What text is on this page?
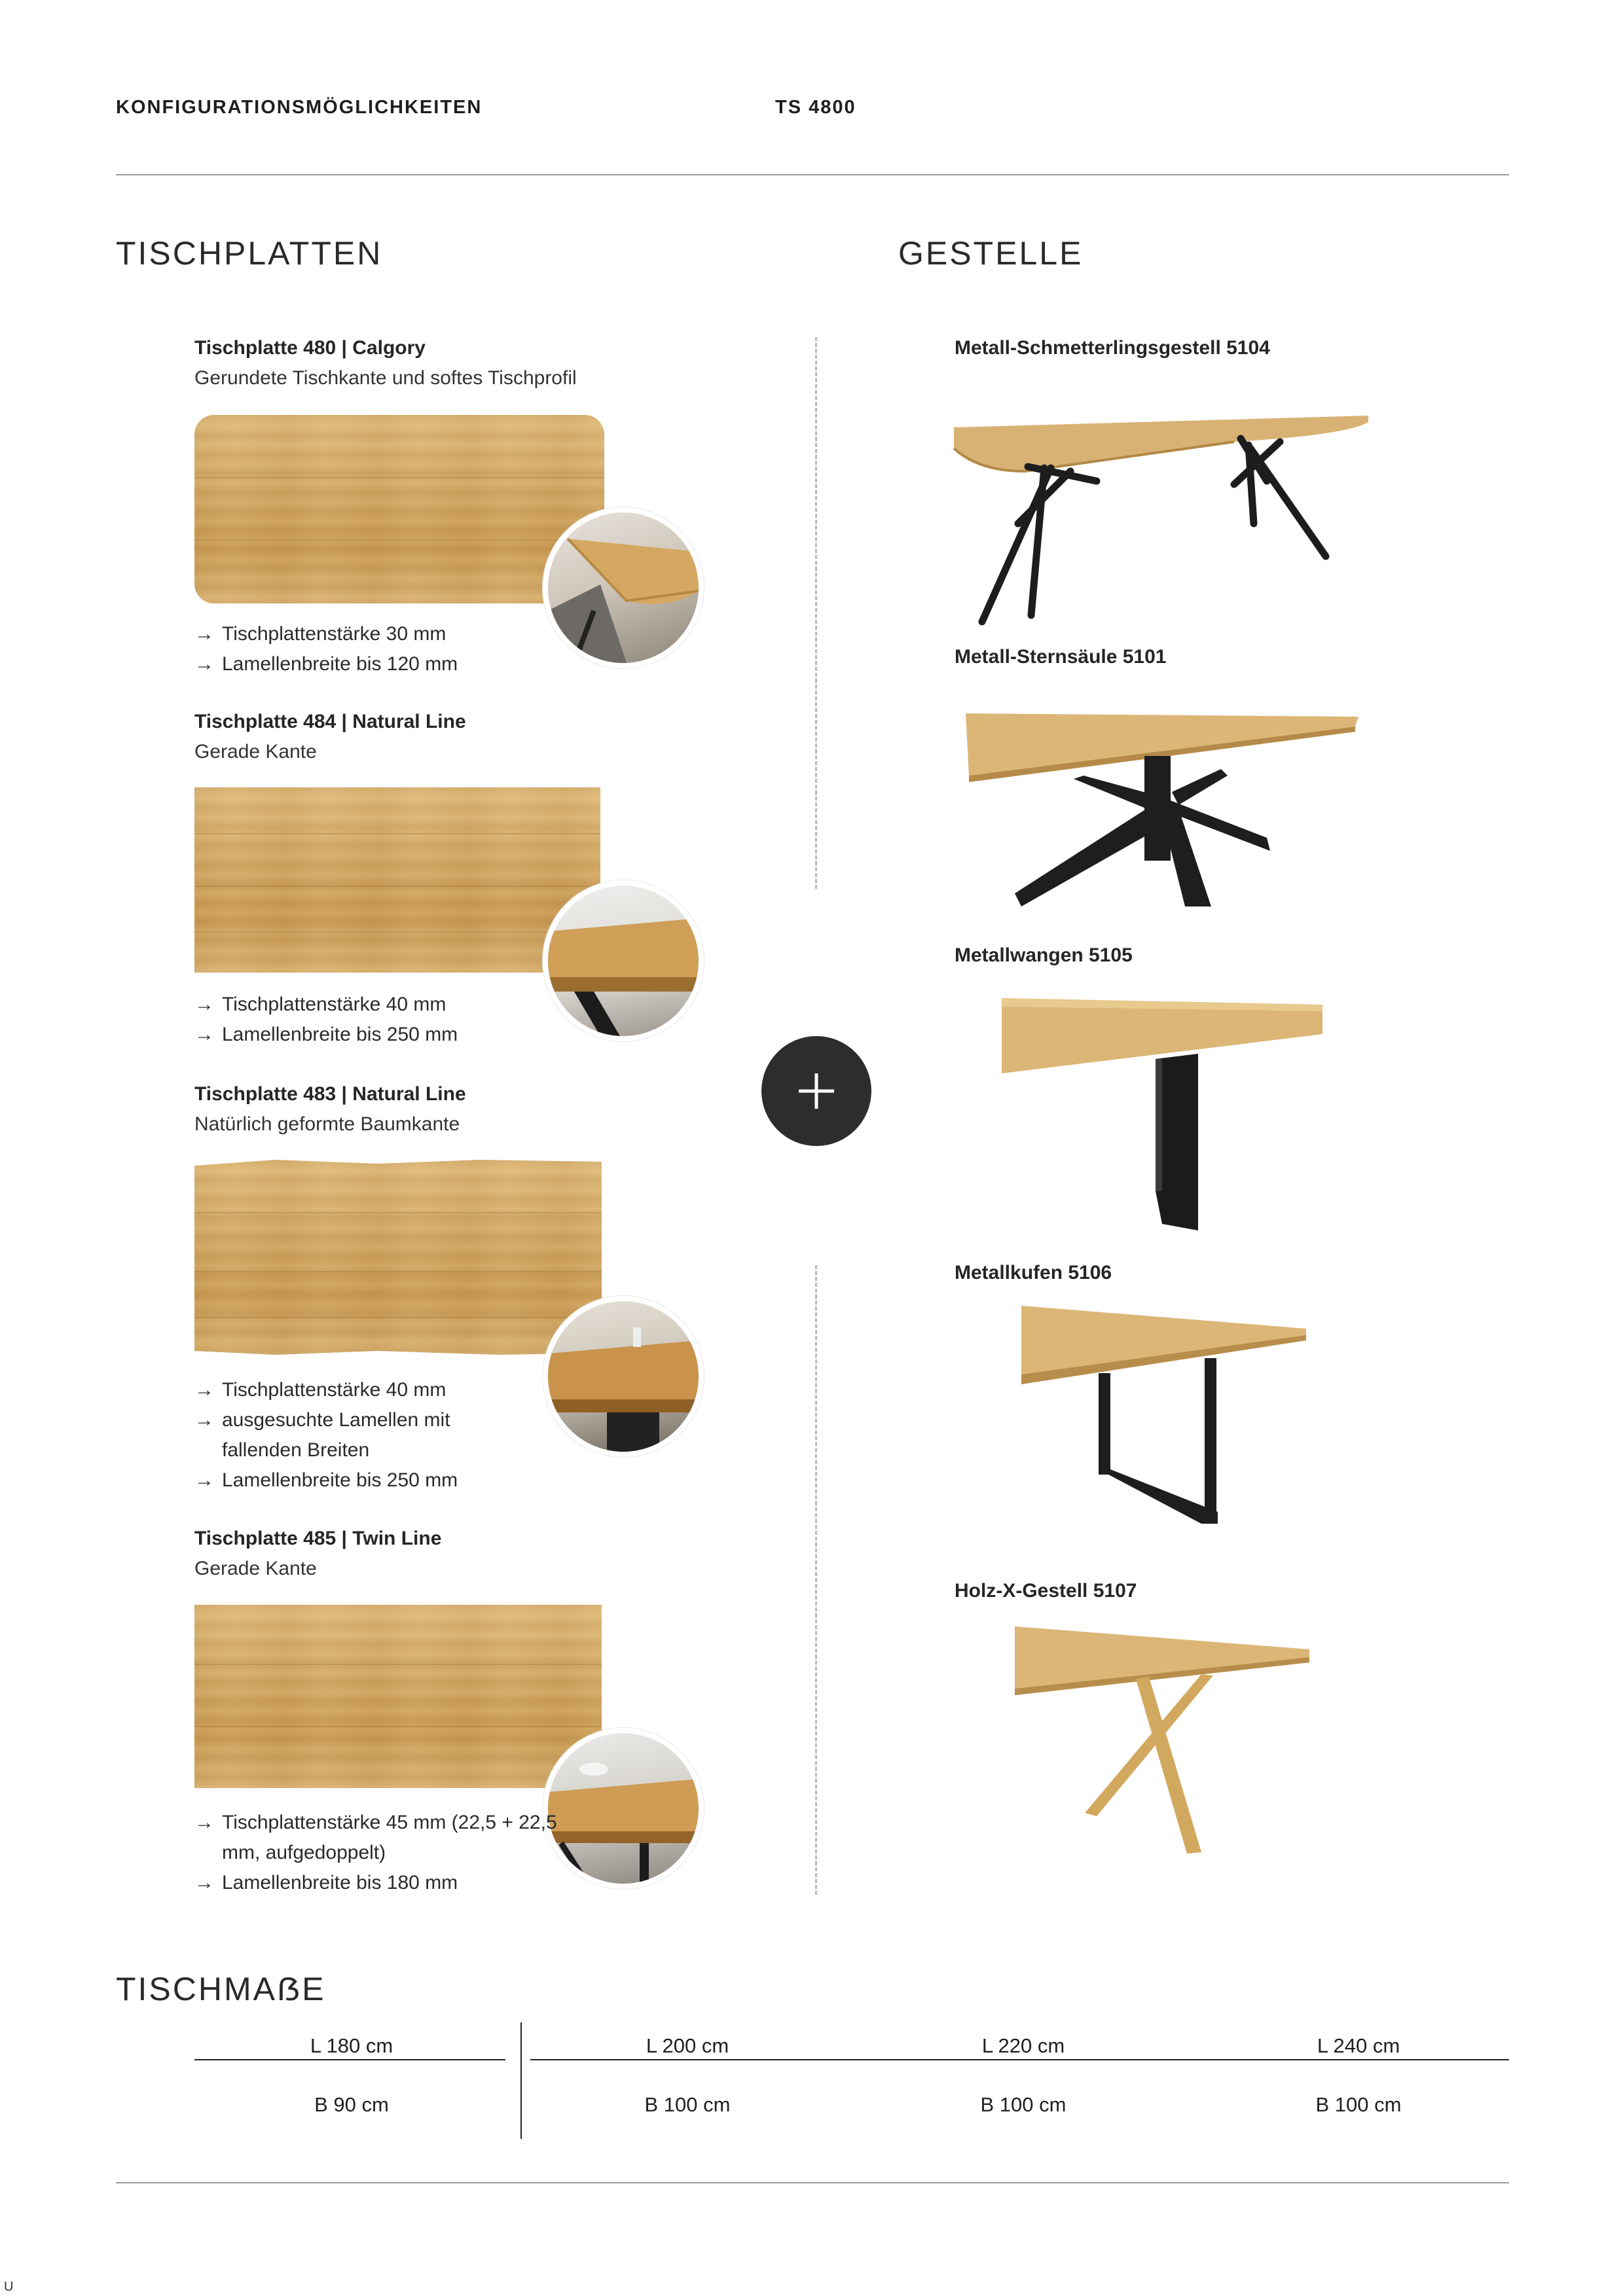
KONFIGURATIONSMÖGLICHKEITEN	TS 4800
TISCHPLATTEN	GESTELLE
Tischplatte 480 | Calgory
Gerundete Tischkante und softes Tischprofil
→ Tischplattenstärke 30 mm
→ Lamellenbreite bis 120 mm
Tischplatte 484 | Natural Line
Gerade Kante
→ Tischplattenstärke 40 mm
→ Lamellenbreite bis 250 mm
Tischplatte 483 | Natural Line
Natürlich geformte Baumkante
→ Tischplattenstärke 40 mm
→ ausgesuchte Lamellen mit fallenden Breiten
→ Lamellenbreite bis 250 mm
Tischplatte 485 | Twin Line
Gerade Kante
→ Tischplattenstärke 45 mm (22,5 + 22,5 mm, aufgedoppelt)
→ Lamellenbreite bis 180 mm
Metall-Schmetterlingsgestell 5104
Metall-Sternsäule 5101
Metallwangen 5105
Metallkufen 5106
Holz-X-Gestell 5107
TISCHMAẞE
L 180 cm	L 200 cm	L 220 cm	L 240 cm
B 90 cm	B 100 cm	B 100 cm	B 100 cm
U
